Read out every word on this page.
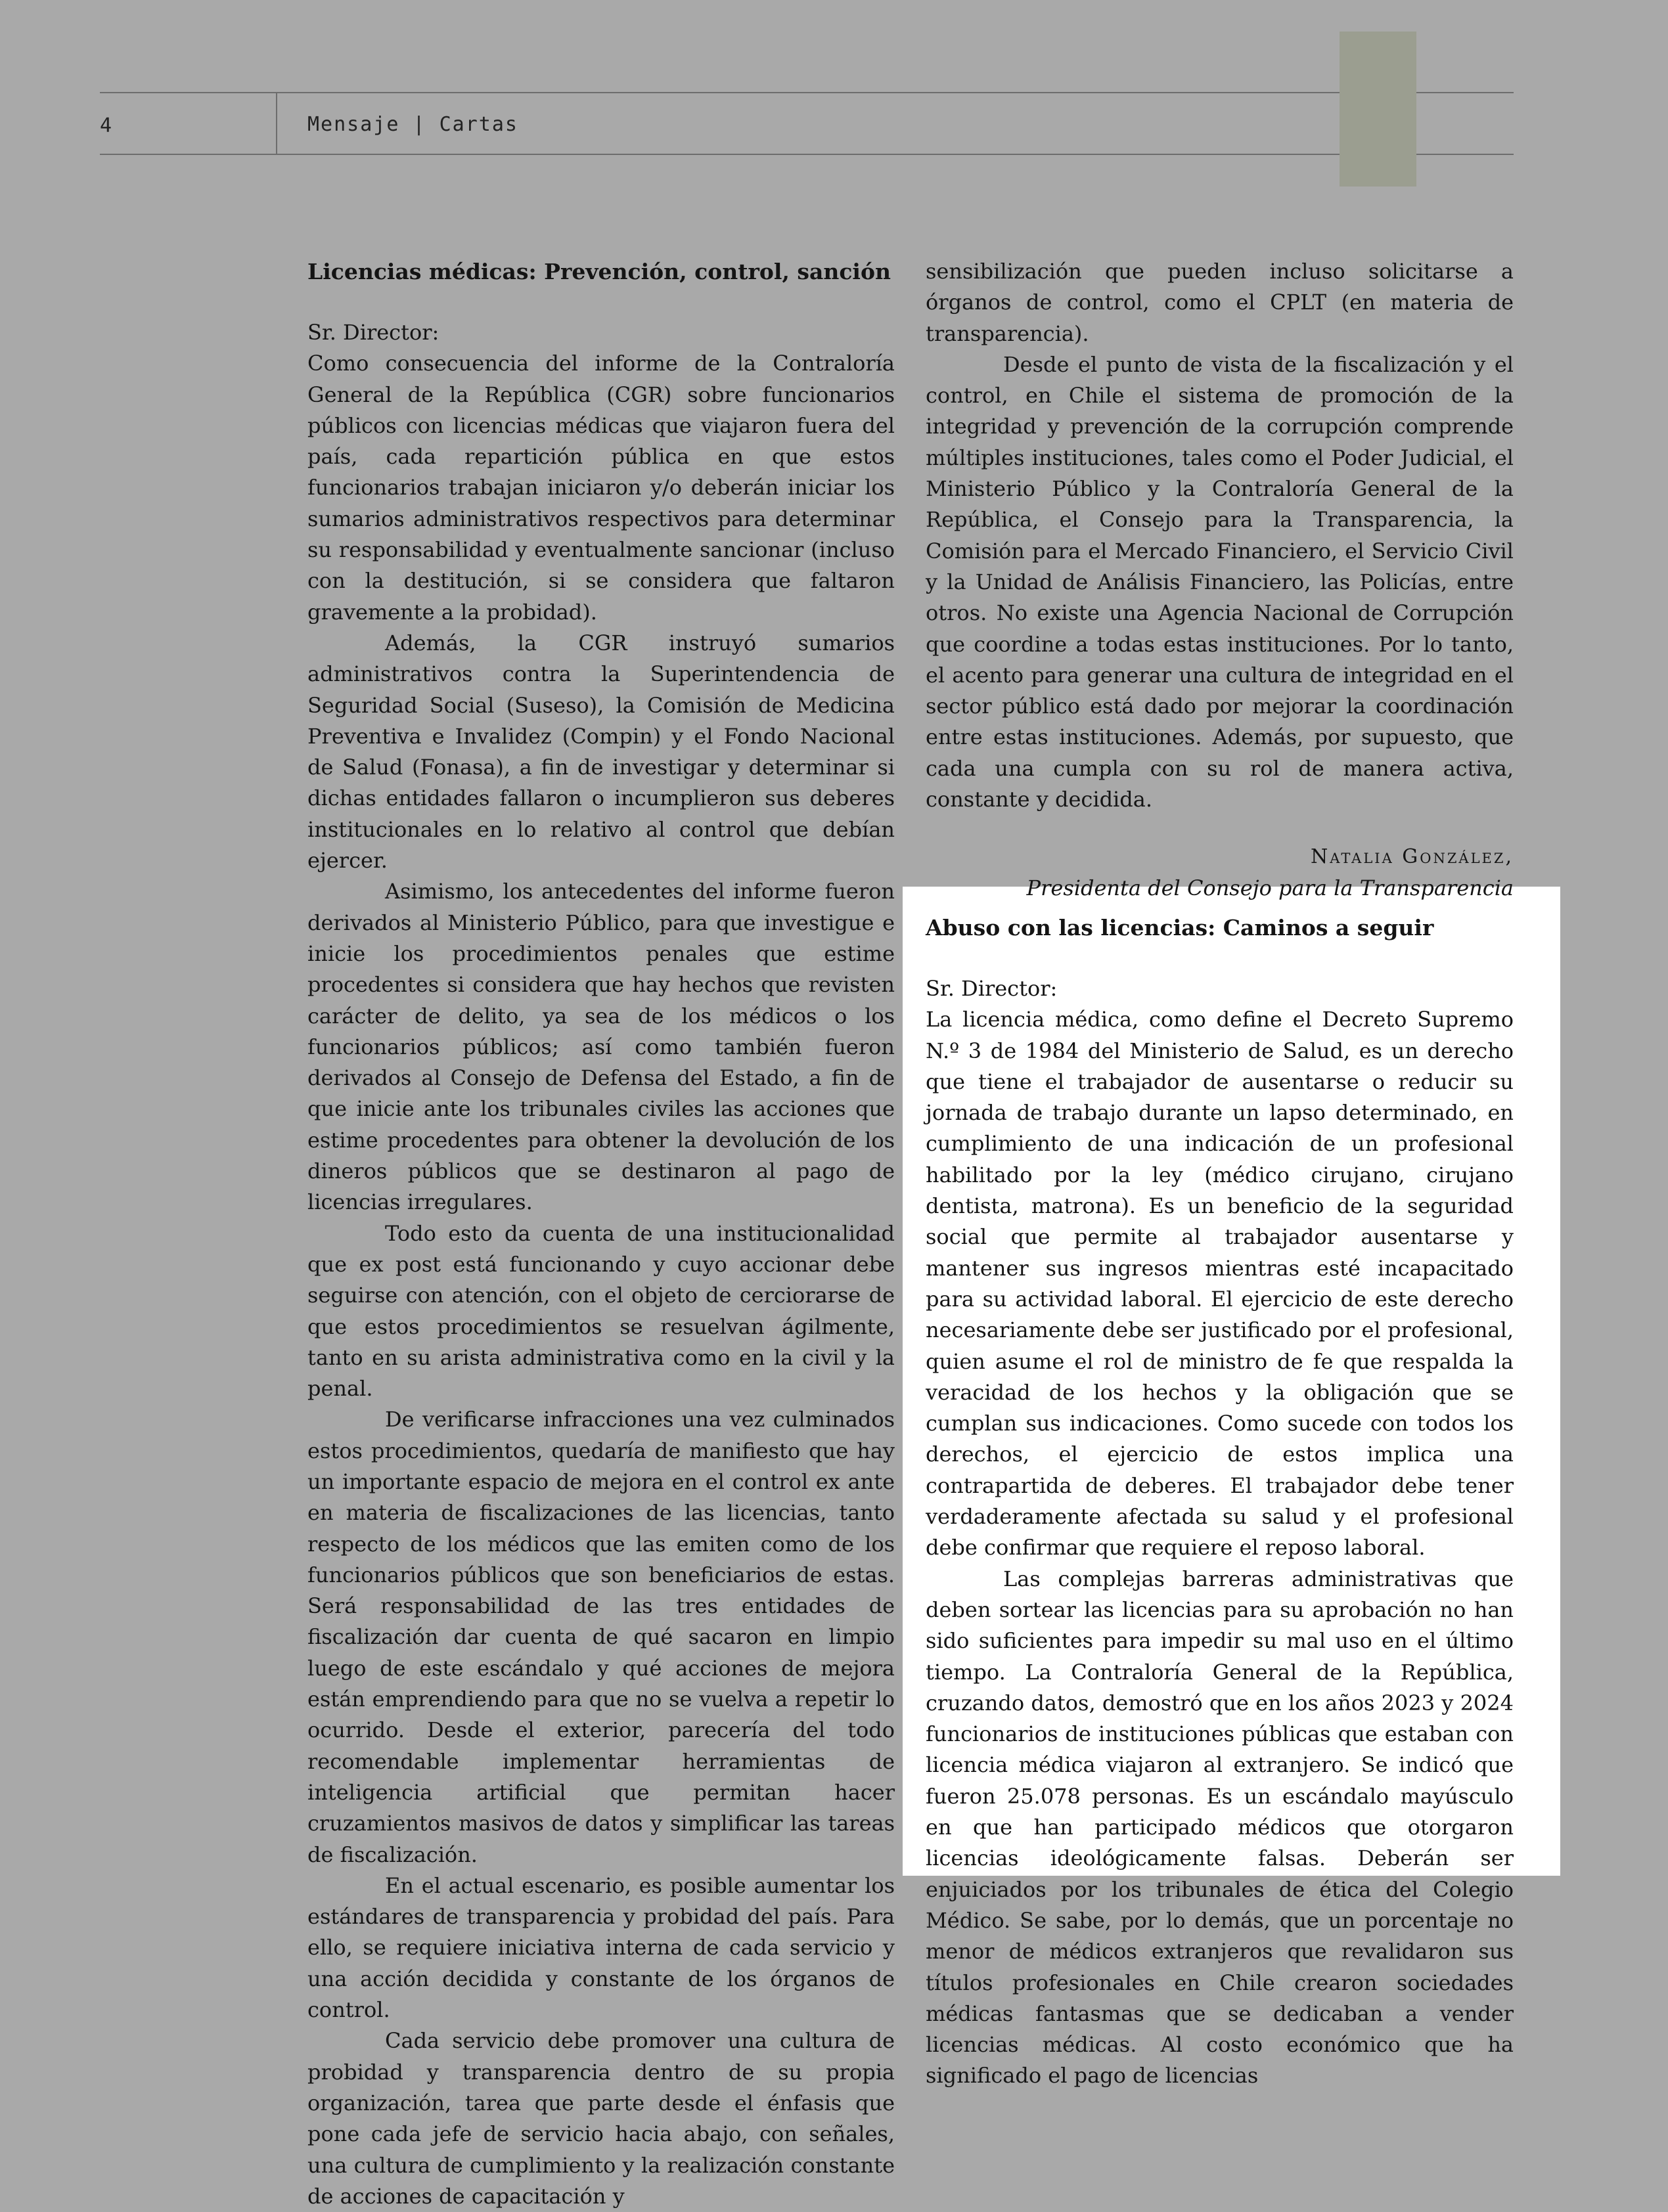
4	Mensaje | Cartas
Licencias médicas: Prevención, control, sanción

Sr. Director:

Como consecuencia del informe de la Contraloría General de la República (CGR) sobre funcionarios públicos con licencias médicas que viajaron fuera del país, cada repartición pública en que estos funcionarios trabajan iniciaron y/o deberán iniciar los sumarios administrativos respectivos para determinar su responsabilidad y eventualmente sancionar (incluso con la destitución, si se considera que faltaron gravemente a la probidad).

Además, la CGR instruyó sumarios administrativos contra la Superintendencia de Seguridad Social (Suseso), la Comisión de Medicina Preventiva e Invalidez (Compin) y el Fondo Nacional de Salud (Fonasa), a fin de investigar y determinar si dichas entidades fallaron o incumplieron sus deberes institucionales en lo relativo al control que debían ejercer.

Asimismo, los antecedentes del informe fueron derivados al Ministerio Público, para que investigue e inicie los procedimientos penales que estime procedentes si considera que hay hechos que revisten carácter de delito, ya sea de los médicos o los funcionarios públicos; así como también fueron derivados al Consejo de Defensa del Estado, a fin de que inicie ante los tribunales civiles las acciones que estime procedentes para obtener la devolución de los dineros públicos que se destinaron al pago de licencias irregulares.

Todo esto da cuenta de una institucionalidad que ex post está funcionando y cuyo accionar debe seguirse con atención, con el objeto de cerciorarse de que estos procedimientos se resuelvan ágilmente, tanto en su arista administrativa como en la civil y la penal.

De verificarse infracciones una vez culminados estos procedimientos, quedaría de manifiesto que hay un importante espacio de mejora en el control ex ante en materia de fiscalizaciones de las licencias, tanto respecto de los médicos que las emiten como de los funcionarios públicos que son beneficiarios de estas. Será responsabilidad de las tres entidades de fiscalización dar cuenta de qué sacaron en limpio luego de este escándalo y qué acciones de mejora están emprendiendo para que no se vuelva a repetir lo ocurrido. Desde el exterior, parecería del todo recomendable implementar herramientas de inteligencia artificial que permitan hacer cruzamientos masivos de datos y simplificar las tareas de fiscalización.

En el actual escenario, es posible aumentar los estándares de transparencia y probidad del país. Para ello, se requiere iniciativa interna de cada servicio y una acción decidida y constante de los órganos de control.

Cada servicio debe promover una cultura de probidad y transparencia dentro de su propia organización, tarea que parte desde el énfasis que pone cada jefe de servicio hacia abajo, con señales, una cultura de cumplimiento y la realización constante de acciones de capacitación y

sensibilización que pueden incluso solicitarse a órganos de control, como el CPLT (en materia de transparencia).

Desde el punto de vista de la fiscalización y el control, en Chile el sistema de promoción de la integridad y prevención de la corrupción comprende múltiples instituciones, tales como el Poder Judicial, el Ministerio Público y la Contraloría General de la República, el Consejo para la Transparencia, la Comisión para el Mercado Financiero, el Servicio Civil y la Unidad de Análisis Financiero, las Policías, entre otros. No existe una Agencia Nacional de Corrupción que coordine a todas estas instituciones. Por lo tanto, el acento para generar una cultura de integridad en el sector público está dado por mejorar la coordinación entre estas instituciones. Además, por supuesto, que cada una cumpla con su rol de manera activa, constante y decidida.

Natalia González,
Presidenta del Consejo para la Transparencia
Abuso con las licencias: Caminos a seguir

Sr. Director:

La licencia médica, como define el Decreto Supremo N.º 3 de 1984 del Ministerio de Salud, es un derecho que tiene el trabajador de ausentarse o reducir su jornada de trabajo durante un lapso determinado, en cumplimiento de una indicación de un profesional habilitado por la ley (médico cirujano, cirujano dentista, matrona). Es un beneficio de la seguridad social que permite al trabajador ausentarse y mantener sus ingresos mientras esté incapacitado para su actividad laboral. El ejercicio de este derecho necesariamente debe ser justificado por el profesional, quien asume el rol de ministro de fe que respalda la veracidad de los hechos y la obligación que se cumplan sus indicaciones. Como sucede con todos los derechos, el ejercicio de estos implica una contrapartida de deberes. El trabajador debe tener verdaderamente afectada su salud y el profesional debe confirmar que requiere el reposo laboral.

Las complejas barreras administrativas que deben sortear las licencias para su aprobación no han sido suficientes para impedir su mal uso en el último tiempo. La Contraloría General de la República, cruzando datos, demostró que en los años 2023 y 2024 funcionarios de instituciones públicas que estaban con licencia médica viajaron al extranjero. Se indicó que fueron 25.078 personas. Es un escándalo mayúsculo en que han participado médicos que otorgaron licencias ideológicamente falsas. Deberán ser enjuiciados por los tribunales de ética del Colegio Médico. Se sabe, por lo demás, que un porcentaje no menor de médicos extranjeros que revalidaron sus títulos profesionales en Chile crearon sociedades médicas fantasmas que se dedicaban a vender licencias médicas. Al costo económico que ha significado el pago de licencias
